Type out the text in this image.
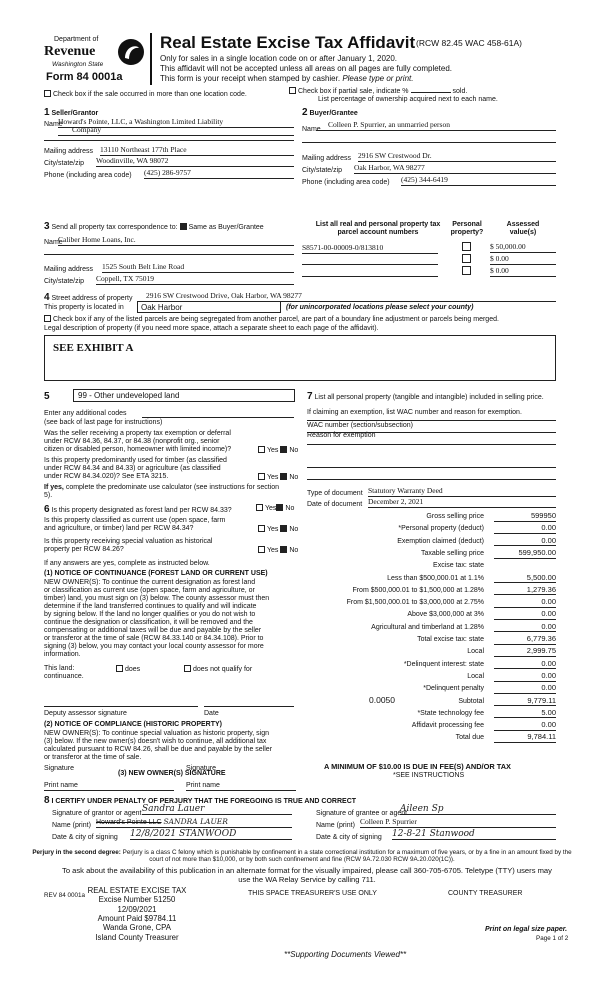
Department of
Revenue
Washington State
Form 84 0001a
Real Estate Excise Tax Affidavit (RCW 82.45 WAC 458-61A)
Only for sales in a single location code on or after January 1, 2020.
This affidavit will not be accepted unless all areas on all pages are fully completed.
This form is your receipt when stamped by cashier. Please type or print.
Check box if the sale occurred in more than one location code.	Check box if partial sale, indicate %	sold.
List percentage of ownership acquired next to each name.
1 Seller/Grantor
Name
Howard's Pointe, LLC, a Washington Limited Liability
Company
Mailing address 13110 Northeast 177th Place
City/state/zip Woodinville, WA 98072
Phone (including area code) (425) 286-9757
2 Buyer/Grantee
Name
Colleen P. Spurrier, an unmarried person
Mailing address 2916 SW Crestwood Dr.
City/state/zip Oak Harbor, WA 98277
Phone (including area code) (425) 344-6419
3 Send all property tax correspondence to: Same as Buyer/Grantee
Name
Caliber Home Loans, Inc.
Mailing address 1525 South Belt Line Road
City/state/zip Coppell, TX 75019
List all real and personal property tax
parcel account numbers
Personal
property?
Assessed
value(s)
S8571-00-00009-0/813810	$ 50,000.00
$ 0.00
$ 0.00
4 Street address of property 2916 SW Crestwood Drive, Oak Harbor, WA 98277
This property is located in	Oak Harbor	(for unincorporated locations please select your county)
Check box if any of the listed parcels are being segregated from another parcel, are part of a boundary line adjustment or parcels being merged.
Legal description of property (if you need more space, attach a separate sheet to each page of the affidavit).
SEE EXHIBIT A
5	99 - Other undeveloped land
Enter any additional codes
(see back of last page for instructions)
Was the seller receiving a property tax exemption or deferral
under RCW 84.36, 84.37, or 84.38 (nonprofit org., senior
citizen or disabled person, homeowner with limited income)?	Yes No
Is this property predominantly used for timber (as classified
under RCW 84.34 and 84.33) or agriculture (as classified
under RCW 84.34.020)? See ETA 3215.	Yes No
If yes, complete the predominate use calculator (see instructions for section 5).
6 Is this property designated as forest land per RCW 84.33?	Yes No
Is this property classified as current use (open space, farm
and agriculture, or timber) land per RCW 84.34?	Yes No
Is this property receiving special valuation as historical
property per RCW 84.26?	Yes No
If any answers are yes, complete as instructed below.
(1) NOTICE OF CONTINUANCE (FOREST LAND OR CURRENT USE)
NEW OWNER(S): To continue the current designation as forest land
or classification as current use (open space, farm and agriculture, or
timber) land, you must sign on (3) below. The county assessor must then
determine if the land transferred continues to qualify and will indicate
by signing below. If the land no longer qualifies or you do not wish to
continue the designation or classification, it will be removed and the
compensating or additional taxes will be due and payable by the seller
or transferor at the time of sale (RCW 84.33.140 or 84.34.108). Prior to
signing (3) below, you may contact your local county assessor for more
information.
This land:
continuance.
does	does not qualify for
Deputy assessor signature	Date
(2) NOTICE OF COMPLIANCE (HISTORIC PROPERTY)
NEW OWNER(S): To continue special valuation as historic property, sign
(3) below. If the new owner(s) doesn't wish to continue, all additional tax
calculated pursuant to RCW 84.26, shall be due and payable by the seller
or transferor at the time of sale.
(3) NEW OWNER(S) SIGNATURE
Signature	Signature
Print name	Print name
7 List all personal property (tangible and intangible) included in selling price.
If claiming an exemption, list WAC number and reason for exemption.
WAC number (section/subsection)
Reason for exemption
Type of document Statutory Warranty Deed
Date of document December 2, 2021
Gross selling price	599950
*Personal property (deduct)	0.00
Exemption claimed (deduct)	0.00
Taxable selling price	599,950.00
Excise tax: state
Less than $500,000.01 at 1.1%	5,500.00
From $500,000.01 to $1,500,000 at 1.28%	1,279.36
From $1,500,000.01 to $3,000,000 at 2.75%	0.00
Above $3,000,000 at 3%	0.00
Agricultural and timberland at 1.28%	0.00
Total excise tax: state	6,779.36
Local	2,999.75
*Delinquent interest: state	0.00
Local	0.00
*Delinquent penalty	0.00
Subtotal	9,779.11
*State technology fee	5.00
Affidavit processing fee	0.00
Total due	9,784.11
0.0050
A MINIMUM OF $10.00 IS DUE IN FEE(S) AND/OR TAX
*SEE INSTRUCTIONS
8 I CERTIFY UNDER PENALTY OF PERJURY THAT THE FOREGOING IS TRUE AND CORRECT
Signature of grantor or agent Sandra Lauer
Name (print) Howard's Pointe LLC SANDRA LAUER
Date & city of signing 12/8/2021 STANWOOD
Signature of grantee or agent
Aileen Sp
Name (print) Colleen P. Spurrier
Date & city of signing 12-8-21 Stanwood
Perjury in the second degree: Perjury is a class C felony which is punishable by confinement in a state correctional institution for a maximum of five years, or by a fine in an amount fixed by the court of not more than $10,000, or by both such confinement and fine (RCW 9A.72.030 RCW 9A.20.020(1C)).
To ask about the availability of this publication in an alternate format for the visually impaired, please call 360-705-6705. Teletype (TTY) users may use the WA Relay Service by calling 711.
REV 84 0001a
REAL ESTATE EXCISE TAX
Excise Number 51250
12/09/2021
Amount Paid $9784.11
Wanda Grone, CPA
Island County Treasurer
THIS SPACE TREASURER'S USE ONLY	COUNTY TREASURER
Print on legal size paper.
Page 1 of 2
**Supporting Documents Viewed**
